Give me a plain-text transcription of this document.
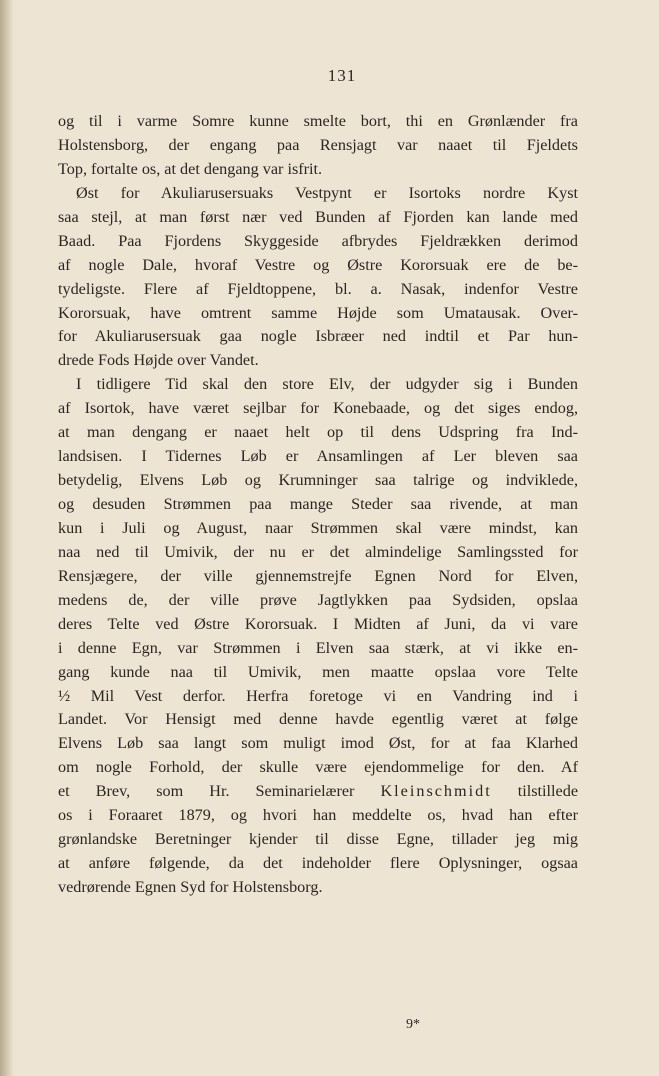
131
og til i varme Somre kunne smelte bort, thi en Grønlænder fra
Holstensborg, der engang paa Rensjagt var naaet til Fjeldets
Top, fortalte os, at det dengang var isfrit.
Øst for Akuliarusersuaks Vestpynt er Isortoks nordre Kyst
saa stejl, at man først nær ved Bunden af Fjorden kan lande med
Baad. Paa Fjordens Skyggeside afbrydes Fjeldrækken derimod
af nogle Dale, hvoraf Vestre og Østre Kororsuak ere de be-
tydeligste. Flere af Fjeldtoppene, bl. a. Nasak, indenfor Vestre
Kororsuak, have omtrent samme Højde som Umatausak. Over-
for Akuliarusersuak gaa nogle Isbræer ned indtil et Par hun-
drede Fods Højde over Vandet.
I tidligere Tid skal den store Elv, der udgyder sig i Bunden
af Isortok, have været sejlbar for Konebaade, og det siges endog,
at man dengang er naaet helt op til dens Udspring fra Ind-
landsisen. I Tidernes Løb er Ansamlingen af Ler bleven saa
betydelig, Elvens Løb og Krumninger saa talrige og indviklede,
og desuden Strømmen paa mange Steder saa rivende, at man
kun i Juli og August, naar Strømmen skal være mindst, kan
naa ned til Umivik, der nu er det almindelige Samlingssted for
Rensjægere, der ville gjennemstrejfe Egnen Nord for Elven,
medens de, der ville prøve Jagtlykken paa Sydsiden, opslaa
deres Telte ved Østre Kororsuak. I Midten af Juni, da vi vare
i denne Egn, var Strømmen i Elven saa stærk, at vi ikke en-
gang kunde naa til Umivik, men maatte opslaa vore Telte
½ Mil Vest derfor. Herfra foretoge vi en Vandring ind i
Landet. Vor Hensigt med denne havde egentlig været at følge
Elvens Løb saa langt som muligt imod Øst, for at faa Klarhed
om nogle Forhold, der skulle være ejendommelige for den. Af
et Brev, som Hr. Seminarielærer Kleinschmidt tilstillede
os i Foraaret 1879, og hvori han meddelte os, hvad han efter
grønlandske Beretninger kjender til disse Egne, tillader jeg mig
at anføre følgende, da det indeholder flere Oplysninger, ogsaa
vedrørende Egnen Syd for Holstensborg.
9*
